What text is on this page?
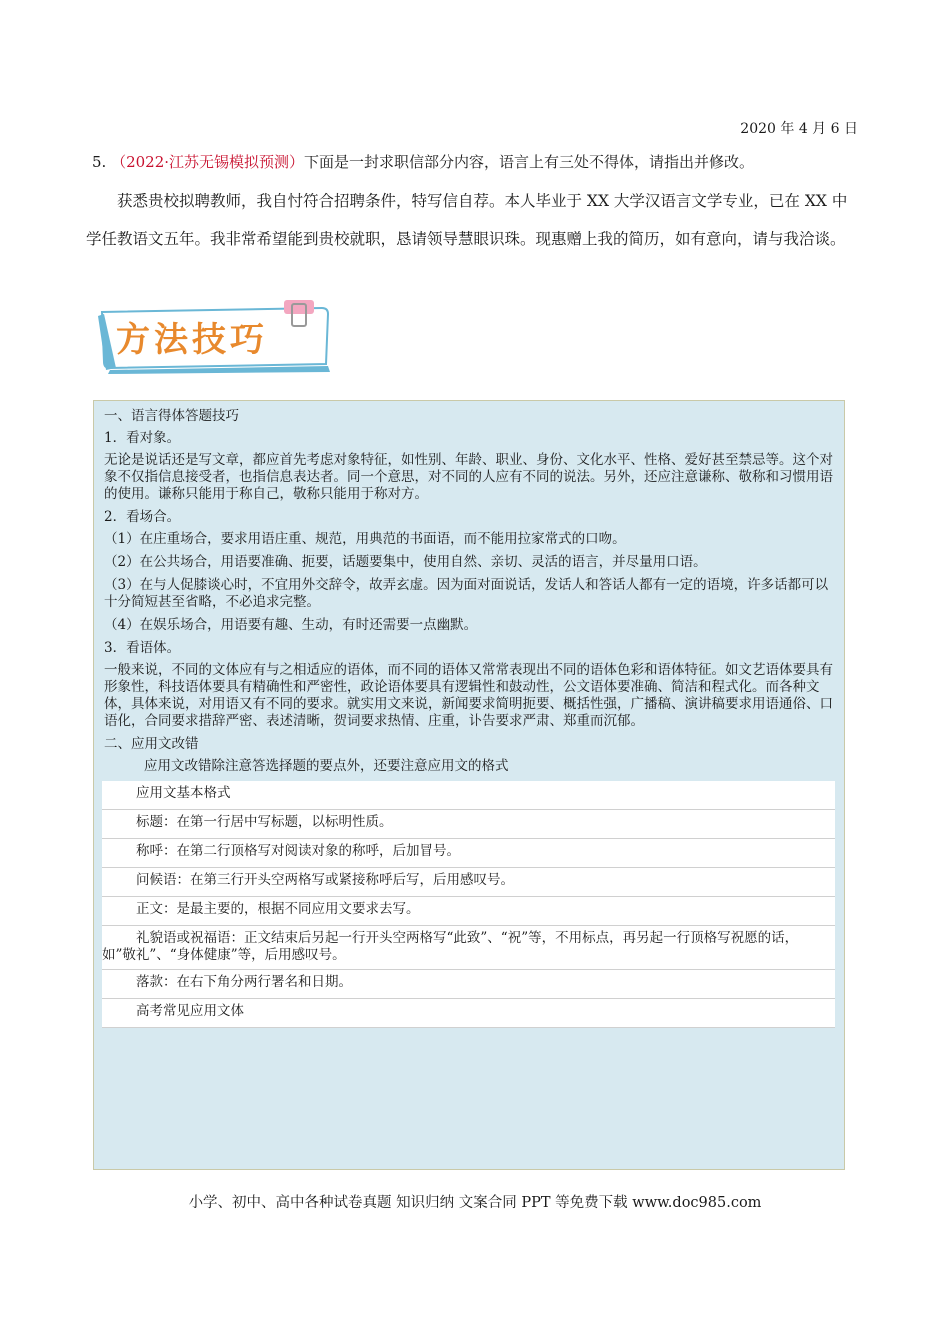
2020 年 4 月 6 日
5. （2022·江苏无锡模拟预测）下面是一封求职信部分内容，语言上有三处不得体，请指出并修改。
获悉贵校拟聘教师，我自忖符合招聘条件，特写信自荐。本人毕业于 XX 大学汉语言文学专业，已在 XX 中学任教语文五年。我非常希望能到贵校就职，恳请领导慧眼识珠。现惠赠上我的简历，如有意向，请与我洽谈。
方法技巧

一、语言得体答题技巧

1．看对象。

无论是说话还是写文章，都应首先考虑对象特征，如性别、年龄、职业、身份、文化水平、性格、爱好甚至禁忌等。这个对象不仅指信息接受者，也指信息表达者。同一个意思，对不同的人应有不同的说法。另外，还应注意谦称、敬称和习惯用语的使用。谦称只能用于称自己，敬称只能用于称对方。

2．看场合。

（1）在庄重场合，要求用语庄重、规范，用典范的书面语，而不能用拉家常式的口吻。

（2）在公共场合，用语要准确、扼要，话题要集中，使用自然、亲切、灵活的语言，并尽量用口语。

（3）在与人促膝谈心时，不宜用外交辞令，故弄玄虚。因为面对面说话，发话人和答话人都有一定的语境，许多话都可以十分简短甚至省略，不必追求完整。

（4）在娱乐场合，用语要有趣、生动，有时还需要一点幽默。

3．看语体。

一般来说，不同的文体应有与之相适应的语体，而不同的语体又常常表现出不同的语体色彩和语体特征。如文艺语体要具有形象性，科技语体要具有精确性和严密性，政论语体要具有逻辑性和鼓动性，公文语体要准确、简洁和程式化。而各种文体，具体来说，对用语又有不同的要求。就实用文来说，新闻要求简明扼要、概括性强，广播稿、演讲稿要求用语通俗、口语化，合同要求措辞严密、表述清晰，贺词要求热情、庄重，讣告要求严肃、郑重而沉郁。

二、应用文改错

应用文改错除注意答选择题的要点外，还要注意应用文的格式

应用文基本格式
标题：在第一行居中写标题，以标明性质。
称呼：在第二行顶格写对阅读对象的称呼，后加冒号。
问候语：在第三行开头空两格写或紧接称呼后写，后用感叹号。
正文：是最主要的，根据不同应用文要求去写。
礼貌语或祝福语：正文结束后另起一行开头空两格写“此致”、“祝”等，不用标点，再另起一行顶格写祝愿的话，如”敬礼”、“身体健康”等，后用感叹号。
落款：在右下角分两行署名和日期。
高考常见应用文体
小学、初中、高中各种试卷真题 知识归纳 文案合同 PPT 等免费下载 www.doc985.com
